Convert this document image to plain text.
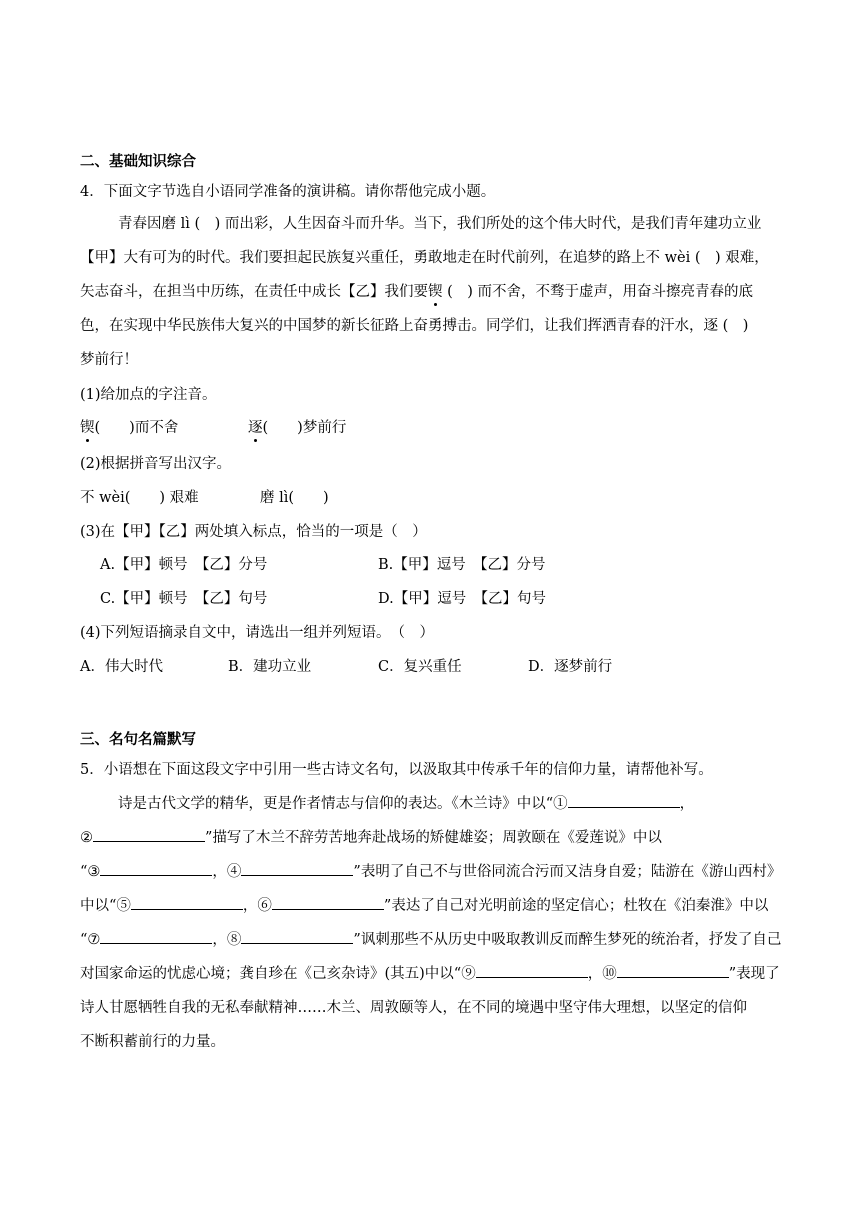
二、基础知识综合
4．下面文字节选自小语同学准备的演讲稿。请你帮他完成小题。
青春因磨 lì (　) 而出彩，人生因奋斗而升华。当下，我们所处的这个伟大时代，是我们青年建功立业
【甲】大有可为的时代。我们要担起民族复兴重任，勇敢地走在时代前列，在追梦的路上不 wèi (　) 艰难，
矢志奋斗，在担当中历练，在责任中成长【乙】我们要锲 (　) 而不舍，不骛于虚声，用奋斗擦亮青春的底
色，在实现中华民族伟大复兴的中国梦的新长征路上奋勇搏击。同学们，让我们挥洒青春的汗水，逐 (　)
梦前行！
(1)给加点的字注音。
锲(　　)而不舍	逐(　　)梦前行
(2)根据拼音写出汉字。
不 wèi(　　) 艰难	磨 lì(　　)
(3)在【甲】【乙】两处填入标点，恰当的一项是（　）
A.【甲】顿号　【乙】分号	B.【甲】逗号　【乙】分号
C.【甲】顿号　【乙】句号	D.【甲】逗号　【乙】句号
(4)下列短语摘录自文中，请选出一组并列短语。　（　）
A．伟大时代	B．建功立业	C．复兴重任	D．逐梦前行
三、名句名篇默写
5．小语想在下面这段文字中引用一些古诗文名句，以汲取其中传承千年的信仰力量，请帮他补写。
诗是古代文学的精华，更是作者情志与信仰的表达。《木兰诗》中以“①	，
②	”描写了木兰不辞劳苦地奔赴战场的矫健雄姿；周敦颐在《爱莲说》中以
“③	，④	”表明了自己不与世俗同流合污而又洁身自爱；陆游在《游山西村》
中以“⑤	，⑥	”表达了自己对光明前途的坚定信心；杜牧在《泊秦淮》中以
“⑦	，⑧	”讽刺那些不从历史中吸取教训反而醉生梦死的统治者，抒发了自己
对国家命运的忧虑心境；龚自珍在《己亥杂诗》(其五)中以“⑨	，⑩	”表现了
诗人甘愿牺牲自我的无私奉献精神……木兰、周敦颐等人，在不同的境遇中坚守伟大理想，以坚定的信仰
不断积蓄前行的力量。
